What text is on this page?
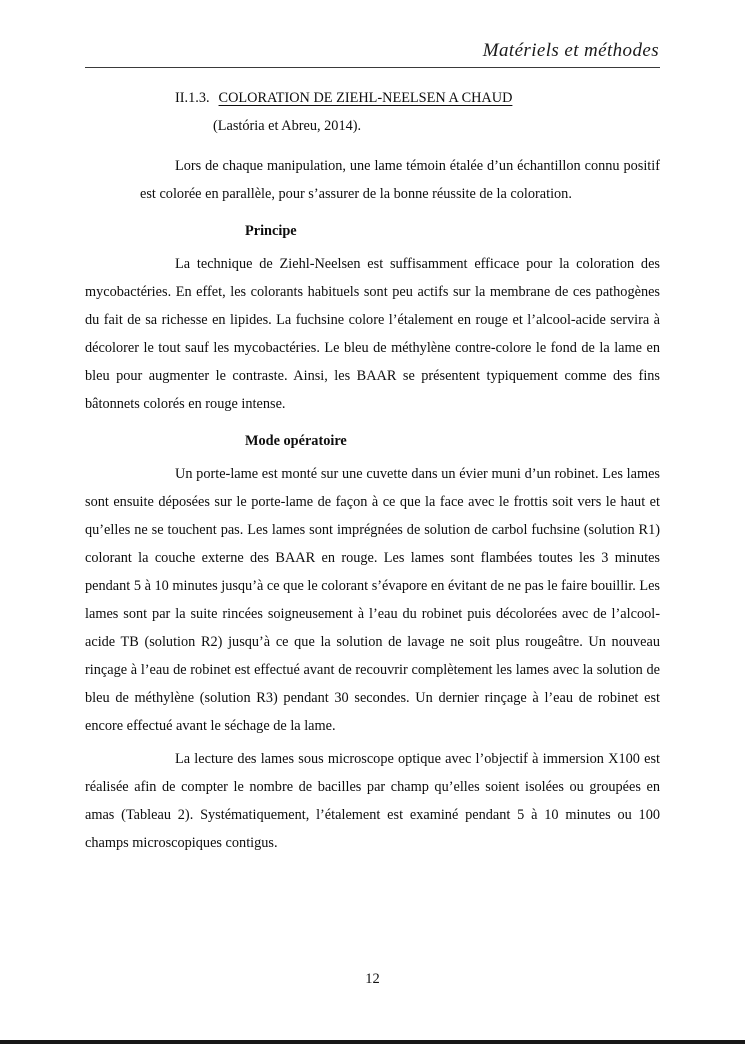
Matériels et méthodes
II.1.3. COLORATION DE ZIEHL-NEELSEN A CHAUD
(Lastória et Abreu, 2014).

Lors de chaque manipulation, une lame témoin étalée d’un échantillon connu positif est colorée en parallèle, pour s’assurer de la bonne réussite de la coloration.

Principe

La technique de Ziehl-Neelsen est suffisamment efficace pour la coloration des mycobactéries. En effet, les colorants habituels sont peu actifs sur la membrane de ces pathogènes du fait de sa richesse en lipides. La fuchsine colore l’étalement en rouge et l’alcool-acide servira à décolorer le tout sauf les mycobactéries. Le bleu de méthylène contre-colore le fond de la lame en bleu pour augmenter le contraste. Ainsi, les BAAR se présentent typiquement comme des fins bâtonnets colorés en rouge intense.

Mode opératoire

Un porte-lame est monté sur une cuvette dans un évier muni d’un robinet. Les lames sont ensuite déposées sur le porte-lame de façon à ce que la face avec le frottis soit vers le haut et qu’elles ne se touchent pas. Les lames sont imprégnées de solution de carbol fuchsine (solution R1) colorant la couche externe des BAAR en rouge. Les lames sont flambées toutes les 3 minutes pendant 5 à 10 minutes jusqu’à ce que le colorant s’évapore en évitant de ne pas le faire bouillir. Les lames sont par la suite rincées soigneusement à l’eau du robinet puis décolorées avec de l’alcool-acide TB (solution R2) jusqu’à ce que la solution de lavage ne soit plus rougeâtre. Un nouveau rinçage à l’eau de robinet est effectué avant de recouvrir complètement les lames avec la solution de bleu de méthylène (solution R3) pendant 30 secondes. Un dernier rinçage à l’eau de robinet est encore effectué avant le séchage de la lame.

La lecture des lames sous microscope optique avec l’objectif à immersion X100 est réalisée afin de compter le nombre de bacilles par champ qu’elles soient isolées ou groupées en amas (Tableau 2). Systématiquement, l’étalement est examiné pendant 5 à 10 minutes ou 100 champs microscopiques contigus.

12
